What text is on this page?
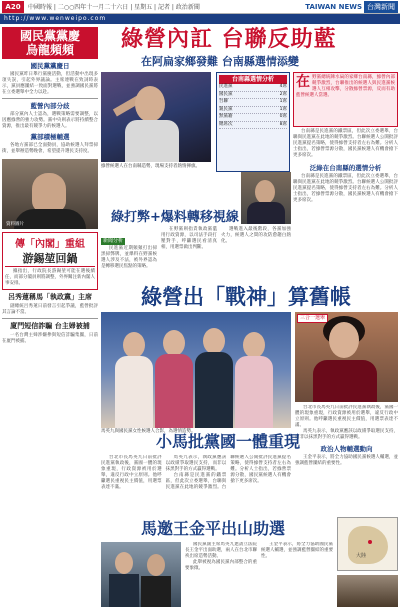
A20	中國時報 | 二○○四年十一月二十六日 | 星期五 | 記者 | 政治新聞	TAIWAN NEWS 台灣新聞
http://www.wenweipo.com
國民黨黨慶
烏龍頻頻
國民黨黨慶日

國民黨昨日舉行黨慶活動，但活動中出現多項失誤，引起外界議論。主席連戰在致詞時表示，黨員應團結一致面對選戰，並強調國民黨將在立委選舉中全力以赴。

藍營內部分歧

部分黨內人士認為，選戰策略需要調整，以因應綠營的強力攻勢。黨中央則表示將持續整合資源，推出最有競爭力的候選人。

黨部積極輔選

各地方黨部已全面動員，協助候選人拜票掃街，並舉辦造勢晚會，希望提升選民支持度。

資料圖片
傳「內閣」重組
游錫堃回鍋

據指出，行政院長游錫堃可能在選後續任，而部分閣員則將調整，外界關注新內閣人事安排。

呂秀蓮稱馬「執政黨」主席

副總統呂秀蓮日前發言引起爭議，藍營批評其言論不當。

廈門短信詐騙 台主婦被捕

一名台灣主婦涉嫌參與短信詐騙集團，日前在廈門被捕。

綠營內訌 台聯反助藍
在阿扁家鄉發難 台南縣選情添變
綠營候選人在台南縣造勢，現場支持者熱情揮旗。
台南縣選情分析
民進黨	4席
國民黨	2席
台聯	1席
親民黨	1席
無黨籍	0席
總席次	8席
在 野黨總統陳水扁的家鄉台南縣，綠營內部競爭激烈，台聯推出的候選人與民進黨候選人互相攻擊，分散綠營票源，反而有助藍營候選人當選。

台南縣是民進黨的鐵票區，但此次立委選舉，台聯與民進黨在此地的競爭激烈。台聯候選人公開批評民進黨提名策略，使得綠營支持者左右為難。分析人士指出，若綠營票源分散，國民黨候選人有機會搶下更多席次。

泛綠在台南縣的選情分析

台南縣是民進黨的鐵票區，但此次立委選舉，台聯與民進黨在此地的競爭激烈。台聯候選人公開批評民進黨提名策略，使得綠營支持者左右為難。分析人士指出，若綠營票源分散，國民黨候選人有機會搶下更多席次。

綠打弊+爆料轉移視線
新聞分析

民進黨近期頻頻打出掃黑掃弊牌，並爆料在野黨候選人涉及不法，被外界認為是轉移選民焦點的策略。

在野黨則指責執政黨濫用行政資源，以司法手段打壓對手，呼籲選民看清真相，用選票做出判斷。

選戰進入最後階段，各黨加強火力，候選人之間的攻防愈趨白熱化。

綠營出「戰神」算舊帳
馬英九與國民黨女性候選人合影，為選情造勢。
三合一選舉

台北市長馬英九日前批評民進黨執政後，黨國一體的現象重現，行政資源被用於選舉，違反行政中立原則。他呼籲選民重視民主價值，用選票表達不滿。

馬英九表示，執政黨應該以政績爭取選民支持，而非以抹黑對手的方式贏得選戰。

政治人物輔選動向

王金平表示，將全力協助國民黨候選人輔選，並強調藍營團結的重要性。

小馬批黨國一體重現

台北市長馬英九日前批評民進黨執政後，黨國一體的現象重現，行政資源被用於選舉，違反行政中立原則。他呼籲選民重視民主價值，用選票表達不滿。

馬英九表示，執政黨應該以政績爭取選民支持，而非以抹黑對手的方式贏得選戰。

台南縣是民進黨的鐵票區，但此次立委選舉，台聯與民進黨在此地的競爭激烈。台聯候選人公開批評民進黨提名策略，使得綠營支持者左右為難。分析人士指出，若綠營票源分散，國民黨候選人有機會搶下更多席次。

馬邀王金平出山助選

國民黨副主席馬英九邀請立法院長王金平出面助選，兩人在台北市聯袂出席造勢活動。

此舉被視為國民黨內部整合的重要象徵。

王金平表示，將全力協助國民黨候選人輔選，並強調藍營團結的重要性。	大陸
